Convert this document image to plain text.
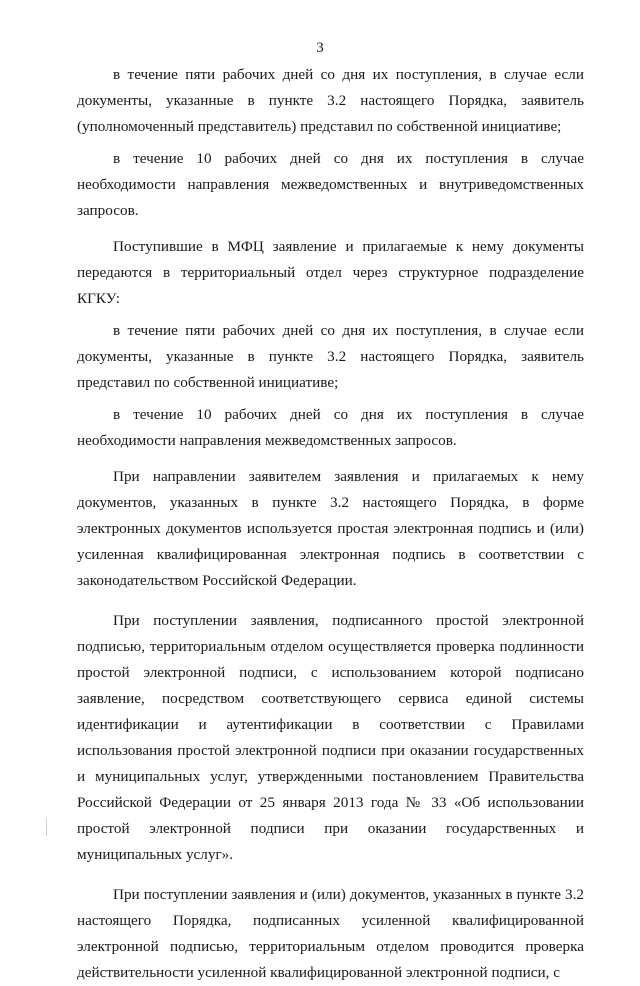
3

в течение пяти рабочих дней со дня их поступления, в случае если документы, указанные в пункте 3.2 настоящего Порядка, заявитель (уполномоченный представитель) представил по собственной инициативе;

в течение 10 рабочих дней со дня их поступления в случае необходимости направления межведомственных и внутриведомственных запросов.

Поступившие в МФЦ заявление и прилагаемые к нему документы передаются в территориальный отдел через структурное подразделение КГКУ:

в течение пяти рабочих дней со дня их поступления, в случае если документы, указанные в пункте 3.2 настоящего Порядка, заявитель представил по собственной инициативе;

в течение 10 рабочих дней со дня их поступления в случае необходимости направления межведомственных запросов.

При направлении заявителем заявления и прилагаемых к нему документов, указанных в пункте 3.2 настоящего Порядка, в форме электронных документов используется простая электронная подпись и (или) усиленная квалифицированная электронная подпись в соответствии с законодательством Российской Федерации.

При поступлении заявления, подписанного простой электронной подписью, территориальным отделом осуществляется проверка подлинности простой электронной подписи, с использованием которой подписано заявление, посредством соответствующего сервиса единой системы идентификации и аутентификации в соответствии с Правилами использования простой электронной подписи при оказании государственных и муниципальных услуг, утвержденными постановлением Правительства Российской Федерации от 25 января 2013 года № 33 «Об использовании простой электронной подписи при оказании государственных и муниципальных услуг».

При поступлении заявления и (или) документов, указанных в пункте 3.2 настоящего Порядка, подписанных усиленной квалифицированной электронной подписью, территориальным отделом проводится проверка действительности усиленной квалифицированной электронной подписи, с
